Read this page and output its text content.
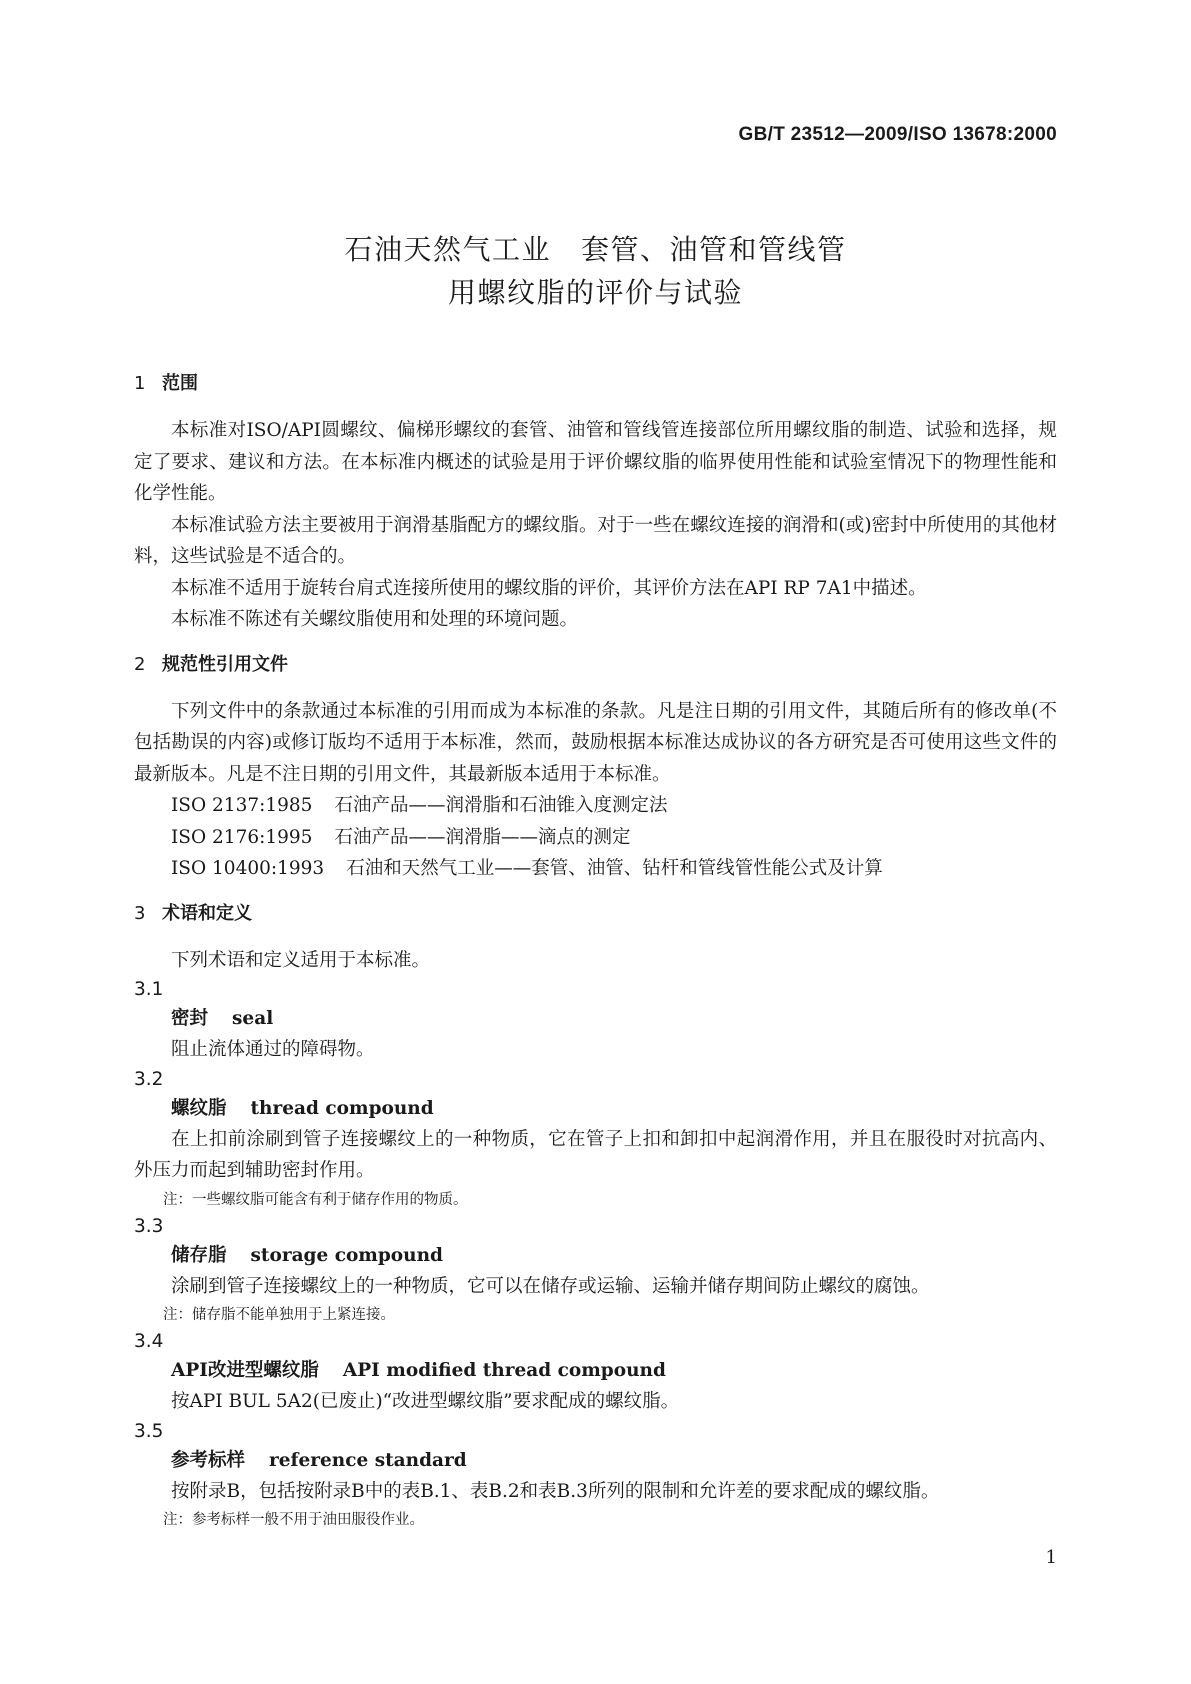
GB/T 23512—2009/ISO 13678:2000
石油天然气工业 套管、油管和管线管
用螺纹脂的评价与试验
1 范围

本标准对ISO/API圆螺纹、偏梯形螺纹的套管、油管和管线管连接部位所用螺纹脂的制造、试验和选择，规定了要求、建议和方法。在本标准内概述的试验是用于评价螺纹脂的临界使用性能和试验室情况下的物理性能和化学性能。

本标准试验方法主要被用于润滑基脂配方的螺纹脂。对于一些在螺纹连接的润滑和(或)密封中所使用的其他材料，这些试验是不适合的。

本标准不适用于旋转台肩式连接所使用的螺纹脂的评价，其评价方法在API RP 7A1中描述。

本标准不陈述有关螺纹脂使用和处理的环境问题。

2 规范性引用文件

下列文件中的条款通过本标准的引用而成为本标准的条款。凡是注日期的引用文件，其随后所有的修改单(不包括勘误的内容)或修订版均不适用于本标准，然而，鼓励根据本标准达成协议的各方研究是否可使用这些文件的最新版本。凡是不注日期的引用文件，其最新版本适用于本标准。

ISO 2137:1985 石油产品——润滑脂和石油锥入度测定法

ISO 2176:1995 石油产品——润滑脂——滴点的测定

ISO 10400:1993 石油和天然气工业——套管、油管、钻杆和管线管性能公式及计算

3 术语和定义

下列术语和定义适用于本标准。

3.1

密封 seal

阻止流体通过的障碍物。

3.2

螺纹脂 thread compound

在上扣前涂刷到管子连接螺纹上的一种物质，它在管子上扣和卸扣中起润滑作用，并且在服役时对抗高内、外压力而起到辅助密封作用。

注：一些螺纹脂可能含有利于储存作用的物质。

3.3

储存脂 storage compound

涂刷到管子连接螺纹上的一种物质，它可以在储存或运输、运输并储存期间防止螺纹的腐蚀。

注：储存脂不能单独用于上紧连接。

3.4

API改进型螺纹脂 API modified thread compound

按API BUL 5A2(已废止)“改进型螺纹脂”要求配成的螺纹脂。

3.5

参考标样 reference standard

按附录B，包括按附录B中的表B.1、表B.2和表B.3所列的限制和允许差的要求配成的螺纹脂。

注：参考标样一般不用于油田服役作业。

1
